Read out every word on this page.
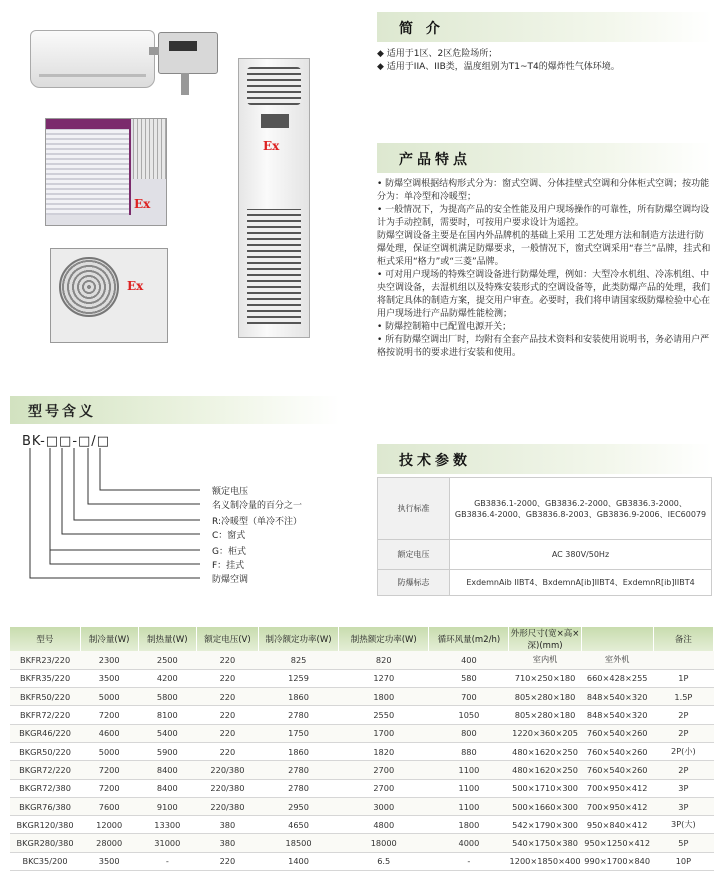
Ex
Ex
Ex
简 介
◆ 适用于1区、2区危险场所；
◆ 适用于IIA、IIB类，温度组别为T1~T4的爆炸性气体环境。
产品特点

• 防爆空调根据结构形式分为：窗式空调、分体挂壁式空调和分体柜式空调；按功能分为：单冷型和冷暖型；

• 一般情况下，为提高产品的安全性能及用户现场操作的可靠性，所有防爆空调均设计为手动控制，需要时，可按用户要求设计为遥控。

防爆空调设备主要是在国内外品牌机的基础上采用 工艺处理方法和制造方法进行防爆处理，保证空调机满足防爆要求，一般情况下，窗式空调采用“春兰”品牌，挂式和柜式采用“格力”或“三菱”品牌。

• 可对用户现场的特殊空调设备进行防爆处理，例如：大型冷水机组、冷冻机组、中央空调设备，去湿机组以及特殊安装形式的空调设备等，此类防爆产品的处理，我们将制定具体的制造方案，提交用户审查。必要时，我们将申请国家级防爆检验中心在用户现场进行产品防爆性能检测；

• 防爆控制箱中已配置电源开关；

• 所有防爆空调出厂时，均附有全套产品技术资料和安装使用说明书，务必请用户严格按说明书的要求进行安装和使用。

型号含义
BK-□□-□/□
额定电压
名义制冷量的百分之一
R:冷暖型（单冷不注）
C：窗式
G：柜式
F：挂式
防爆空调
技术参数
执行标准	GB3836.1-2000、GB3836.2-2000、GB3836.3-2000、GB3836.4-2000、GB3836.8-2003、GB3836.9-2006、IEC60079
额定电压	AC 380V/50Hz
防爆标志	ExdemnAib IIBT4、BxdemnA[ib]IIBT4、ExdemnR[ib]IIBT4
型号	制冷量(W)	制热量(W)	额定电压(V)	制冷额定功率(W)	制热额定功率(W)	循环风量(m2/h)	外形尺寸(宽×高×深)(mm)		备注
BKFR23/220	2300	2500	220	825	820	400	室内机	室外机	
BKFR35/220	3500	4200	220	1259	1270	580	710×250×180	660×428×255	1P
BKFR50/220	5000	5800	220	1860	1800	700	805×280×180	848×540×320	1.5P
BKFR72/220	7200	8100	220	2780	2550	1050	805×280×180	848×540×320	2P
BKGR46/220	4600	5400	220	1750	1700	800	1220×360×205	760×540×260	2P
BKGR50/220	5000	5900	220	1860	1820	880	480×1620×250	760×540×260	2P(小)
BKGR72/220	7200	8400	220/380	2780	2700	1100	480×1620×250	760×540×260	2P
BKGR72/380	7200	8400	220/380	2780	2700	1100	500×1710×300	700×950×412	3P
BKGR76/380	7600	9100	220/380	2950	3000	1100	500×1660×300	700×950×412	3P
BKGR120/380	12000	13300	380	4650	4800	1800	542×1790×300	950×840×412	3P(大)
BKGR280/380	28000	31000	380	18500	18000	4000	540×1750×380	950×1250×412	5P
BKC35/200	3500	-	220	1400	6.5	-	1200×1850×400	990×1700×840	10P
